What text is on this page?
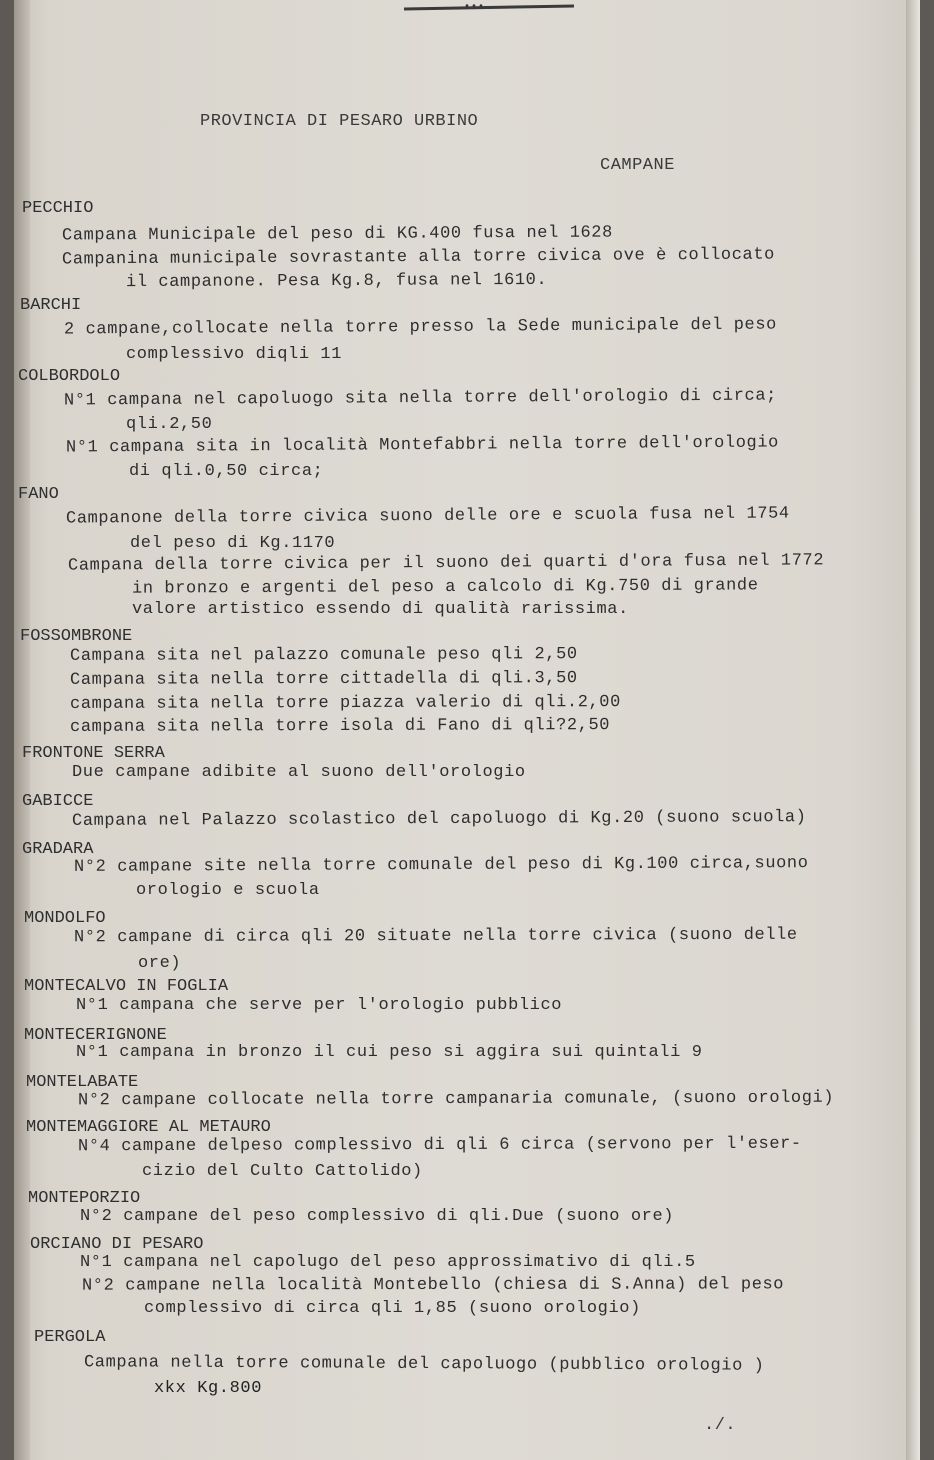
•••
PROVINCIA DI PESARO URBINO
CAMPANE
PECCHIO
Campana Municipale del peso di KG.400 fusa nel 1628
Campanina municipale sovrastante alla torre civica ove è collocato
il campanone. Pesa Kg.8, fusa nel 1610.
BARCHI
2 campane,collocate nella torre presso la Sede municipale del peso
complessivo diqli 11
COLBORDOLO
N°1 campana nel capoluogo sita nella torre dell'orologio di circa;
qli.2,50
N°1 campana sita in località Montefabbri nella torre dell'orologio
di qli.0,50 circa;
FANO
Campanone della torre civica suono delle ore e scuola fusa nel 1754
del peso di Kg.1170
Campana della torre civica per il suono dei quarti d'ora fusa nel 1772
in bronzo e argenti del peso a calcolo di Kg.750 di grande
valore artistico essendo di qualità rarissima.
FOSSOMBRONE
Campana sita nel palazzo comunale peso qli 2,50
Campana sita nella torre cittadella di qli.3,50
campana sita nella torre piazza valerio di qli.2,00
campana sita nella torre isola di Fano di qli?2,50
FRONTONE SERRA
Due campane adibite al suono dell'orologio
GABICCE
Campana nel Palazzo scolastico del capoluogo di Kg.20 (suono scuola)
GRADARA
N°2 campane site nella torre comunale del peso di Kg.100 circa,suono
orologio e scuola
MONDOLFO
N°2 campane di circa qli 20 situate nella torre civica (suono delle
ore)
MONTECALVO IN FOGLIA
N°1 campana che serve per l'orologio pubblico
MONTECERIGNONE
N°1 campana in bronzo il cui peso si aggira sui quintali 9
MONTELABATE
N°2 campane collocate nella torre campanaria comunale, (suono orologi)
MONTEMAGGIORE AL METAURO
N°4 campane delpeso complessivo di qli 6 circa (servono per l'eser-
cizio del Culto Cattolido)
MONTEPORZIO
N°2 campane del peso complessivo di qli.Due (suono ore)
ORCIANO DI PESARO
N°1 campana nel capolugo del peso approssimativo di qli.5
N°2 campane nella località Montebello (chiesa di S.Anna) del peso
complessivo di circa qli 1,85 (suono orologio)
PERGOLA
Campana nella torre comunale del capoluogo (pubblico orologio )
xkx Kg.800
./.
